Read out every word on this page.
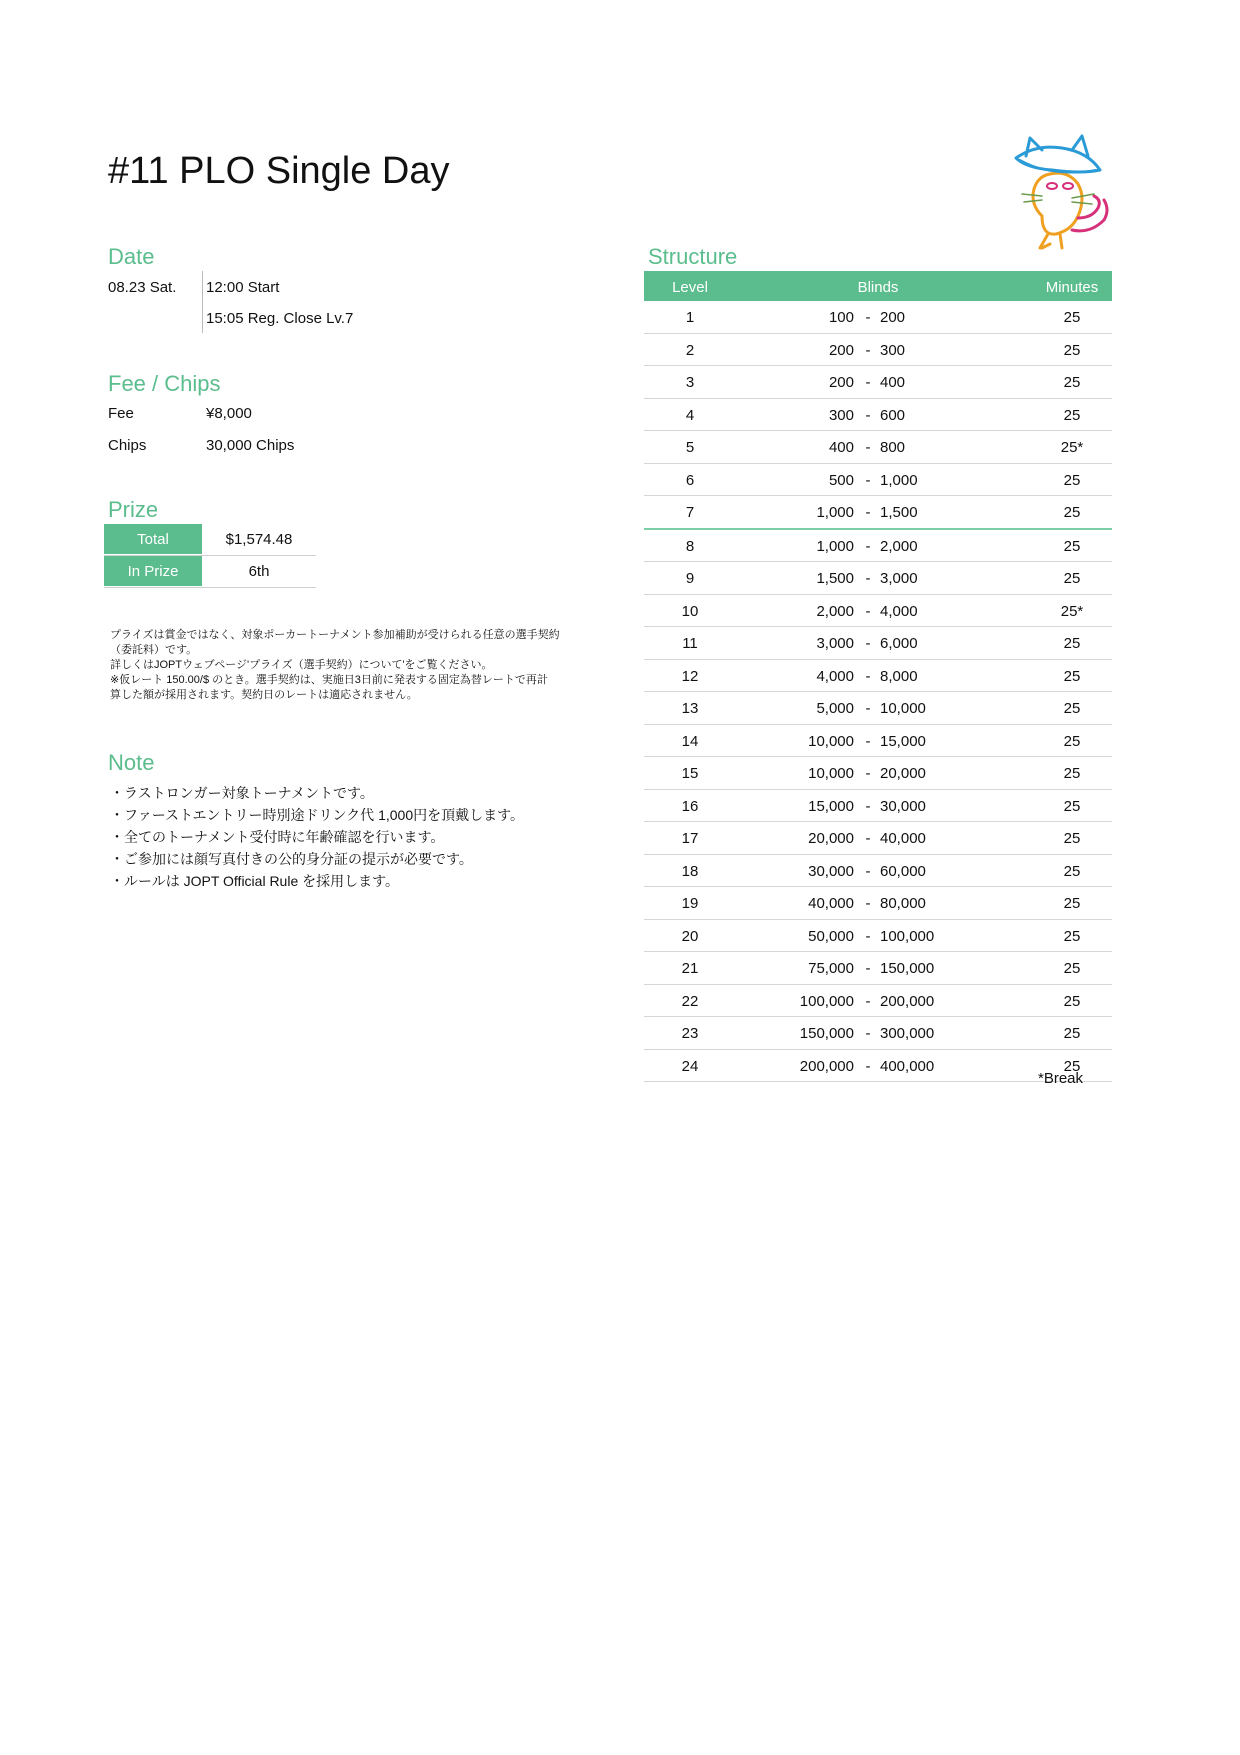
#11 PLO Single Day
Date
08.23 Sat. 12:00 Start
15:05 Reg. Close Lv.7
Fee / Chips
Fee	¥8,000
Chips	30,000 Chips
Prize
Total	$1,574.48
In Prize	6th
プライズは賞金ではなく、対象ポーカートーナメント参加補助が受けられる任意の選手契約
（委託料）です。
詳しくはJOPTウェブページ'プライズ（選手契約）について'をご覧ください。
※仮レート 150.00/$ のとき。選手契約は、実施日3日前に発表する固定為替レートで再計
算した額が採用されます。契約日のレートは適応されません。
Note
・ラストロンガー対象トーナメントです。
・ファーストエントリー時別途ドリンク代 1,000円を頂戴します。
・全てのトーナメント受付時に年齢確認を行います。
・ご参加には顔写真付きの公的身分証の提示が必要です。
・ルールは JOPT Official Rule を採用します。
Structure
Level	Blinds	Minutes
1	100 - 200	25
2	200 - 300	25
3	200 - 400	25
4	300 - 600	25
5	400 - 800	25*
6	500 - 1,000	25
7	1,000 - 1,500	25
8	1,000 - 2,000	25
9	1,500 - 3,000	25
10	2,000 - 4,000	25*
11	3,000 - 6,000	25
12	4,000 - 8,000	25
13	5,000 - 10,000	25
14	10,000 - 15,000	25
15	10,000 - 20,000	25
16	15,000 - 30,000	25
17	20,000 - 40,000	25
18	30,000 - 60,000	25
19	40,000 - 80,000	25
20	50,000 - 100,000	25
21	75,000 - 150,000	25
22	100,000 - 200,000	25
23	150,000 - 300,000	25
24	200,000 - 400,000	25
*Break
